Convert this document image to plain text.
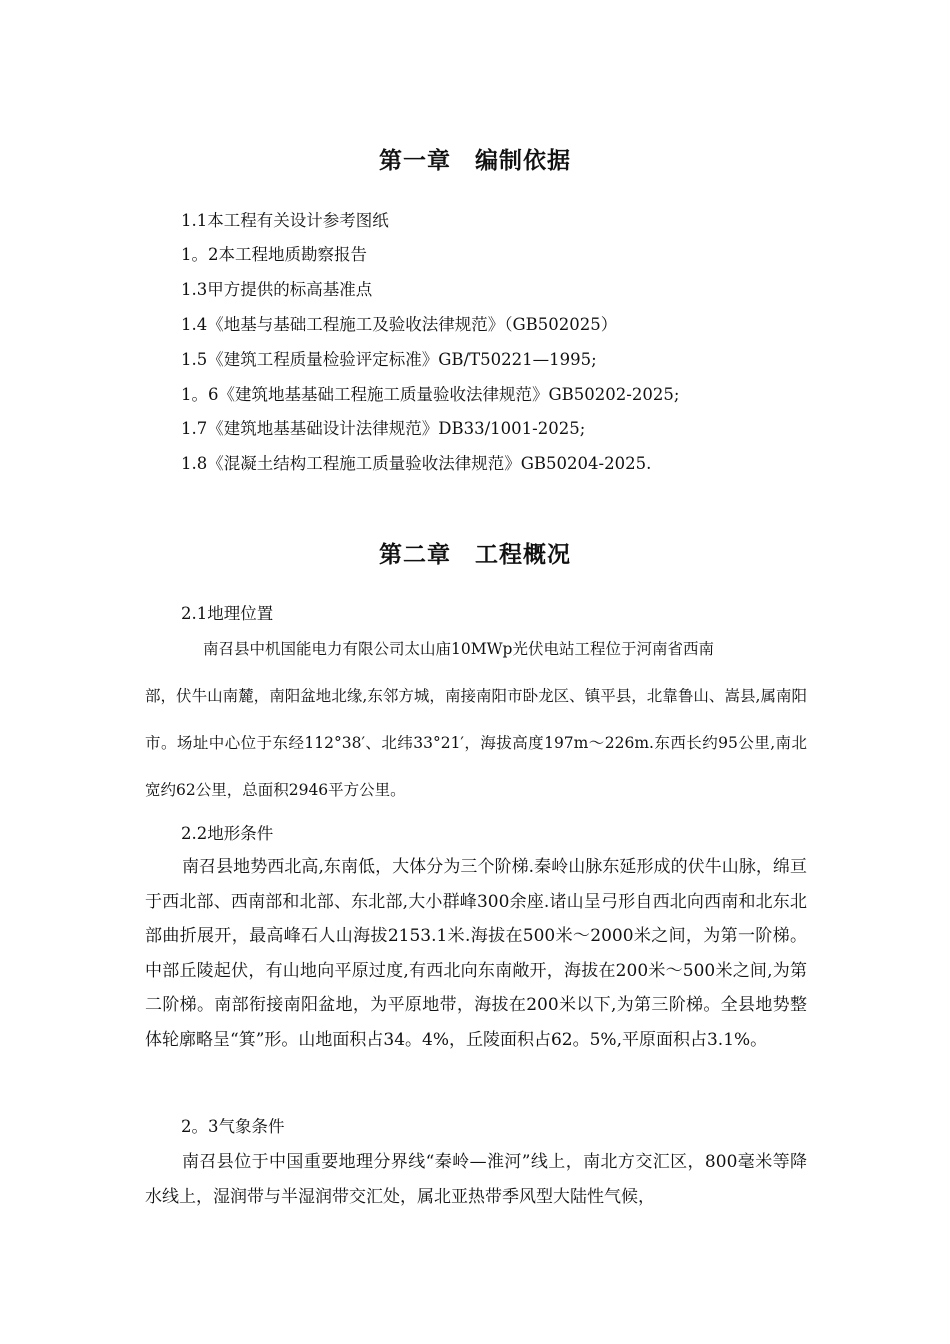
第一章 编制依据

1.1本工程有关设计参考图纸

1。2本工程地质勘察报告

1.3甲方提供的标高基准点

1.4《地基与基础工程施工及验收法律规范》（GB502025）

1.5《建筑工程质量检验评定标准》GB/T50221—1995;

1。6《建筑地基基础工程施工质量验收法律规范》GB50202-2025;

1.7《建筑地基基础设计法律规范》DB33/1001-2025;

1.8《混凝土结构工程施工质量验收法律规范》GB50204-2025.

第二章 工程概况

2.1地理位置

南召县中机国能电力有限公司太山庙10MWp光伏电站工程位于河南省西南
部，伏牛山南麓，南阳盆地北缘,东邻方城，南接南阳市卧龙区、镇平县，北靠鲁山、嵩县,属南阳市。场址中心位于东经112°38′、北纬33°21′，海拔高度197m～226m.东西长约95公里,南北宽约62公里，总面积2946平方公里。

2.2地形条件

南召县地势西北高,东南低，大体分为三个阶梯.秦岭山脉东延形成的伏牛山脉，绵亘于西北部、西南部和北部、东北部,大小群峰300余座.诸山呈弓形自西北向西南和北东北部曲折展开，最高峰石人山海拔2153.1米.海拔在500米～2000米之间，为第一阶梯。中部丘陵起伏，有山地向平原过度,有西北向东南敞开，海拔在200米～500米之间,为第二阶梯。南部衔接南阳盆地，为平原地带，海拔在200米以下,为第三阶梯。全县地势整体轮廓略呈“箕”形。山地面积占34。4%，丘陵面积占62。5%,平原面积占3.1%。

2。3气象条件

南召县位于中国重要地理分界线“秦岭—淮河”线上，南北方交汇区，800毫米等降水线上，湿润带与半湿润带交汇处，属北亚热带季风型大陆性气候，
